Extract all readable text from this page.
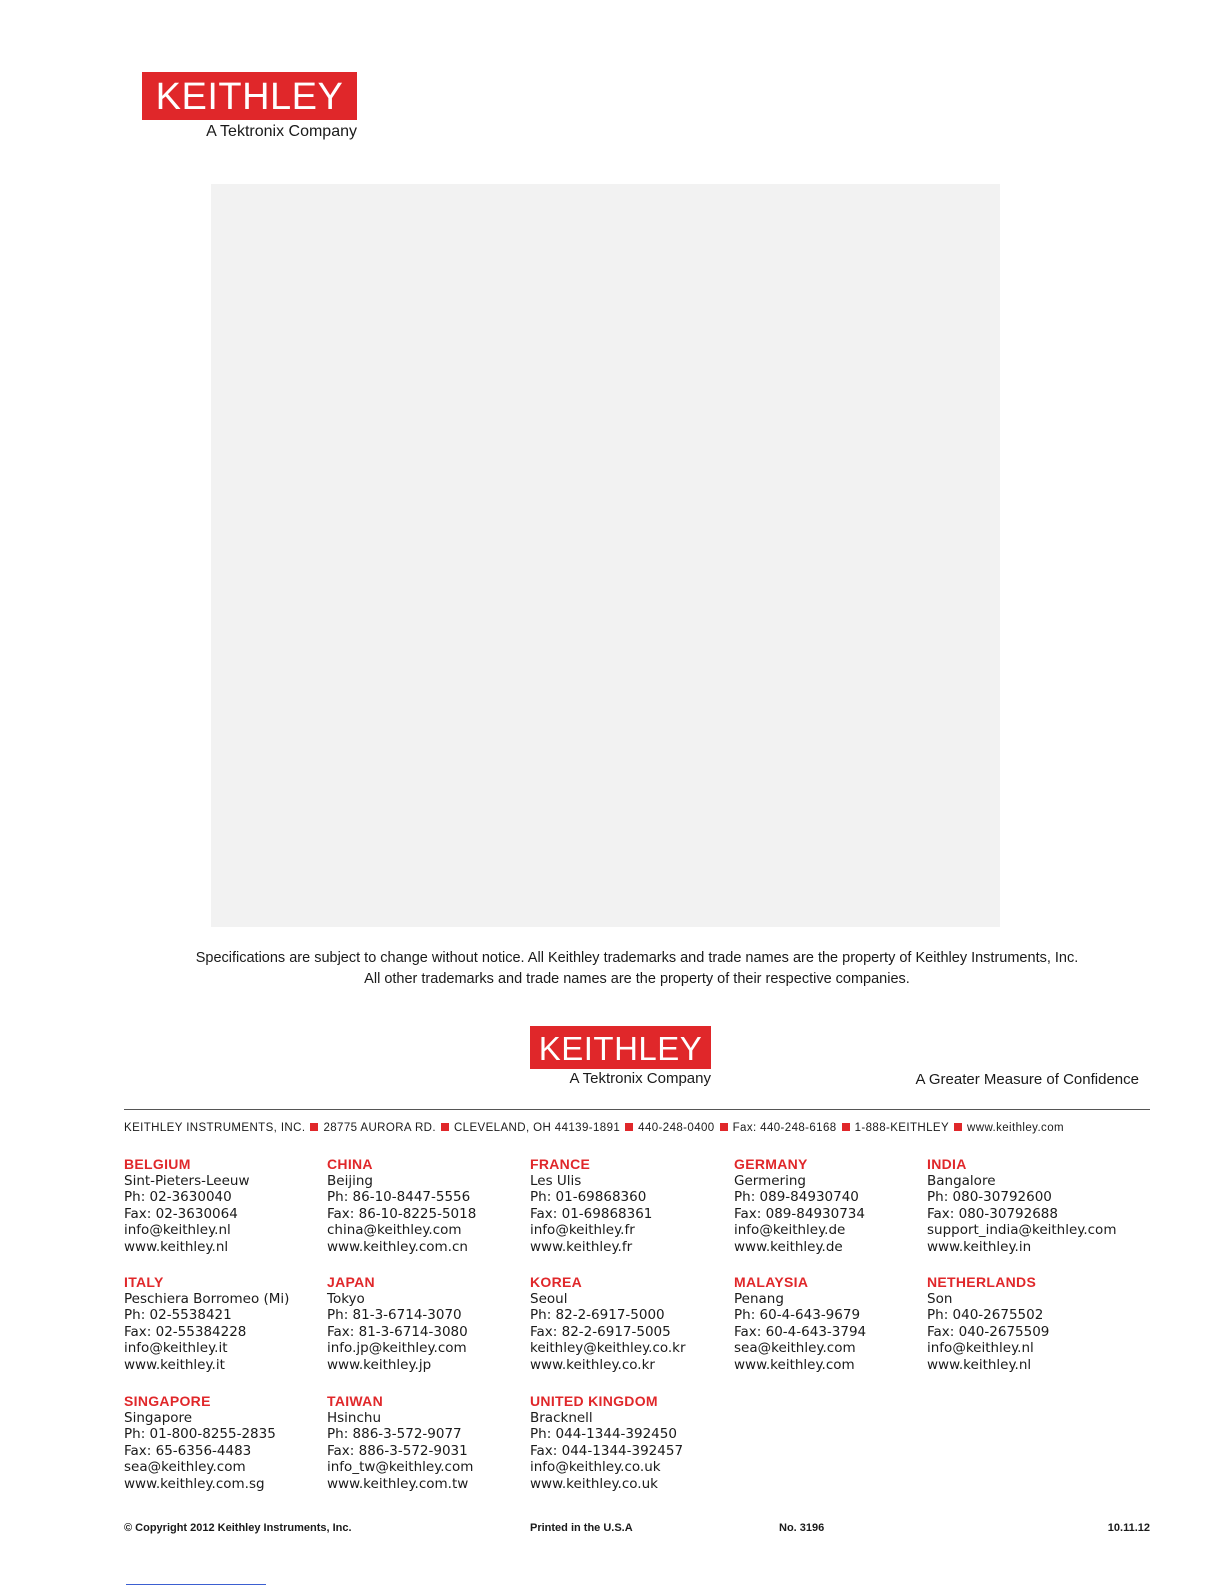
KEITHLEY
A Tektronix Company
Specifications are subject to change without notice. All Keithley trademarks and trade names are the property of Keithley Instruments, Inc.
All other trademarks and trade names are the property of their respective companies.
KEITHLEY
A Tektronix Company	A Greater Measure of Confidence
KEITHLEY INSTRUMENTS, INC. 28775 AURORA RD. CLEVELAND, OH 44139-1891 440-248-0400 Fax: 440-248-6168 1-888-KEITHLEY www.keithley.com
BELGIUM
Sint-Pieters-Leeuw
Ph: 02-3630040
Fax: 02-3630064
info@keithley.nl
www.keithley.nl
CHINA
Beijing
Ph: 86-10-8447-5556
Fax: 86-10-8225-5018
china@keithley.com
www.keithley.com.cn
FRANCE
Les Ulis
Ph: 01-69868360
Fax: 01-69868361
info@keithley.fr
www.keithley.fr
GERMANY
Germering
Ph: 089-84930740
Fax: 089-84930734
info@keithley.de
www.keithley.de
INDIA
Bangalore
Ph: 080-30792600
Fax: 080-30792688
support_india@keithley.com
www.keithley.in
ITALY
Peschiera Borromeo (Mi)
Ph: 02-5538421
Fax: 02-55384228
info@keithley.it
www.keithley.it
JAPAN
Tokyo
Ph: 81-3-6714-3070
Fax: 81-3-6714-3080
info.jp@keithley.com
www.keithley.jp
KOREA
Seoul
Ph: 82-2-6917-5000
Fax: 82-2-6917-5005
keithley@keithley.co.kr
www.keithley.co.kr
MALAYSIA
Penang
Ph: 60-4-643-9679
Fax: 60-4-643-3794
sea@keithley.com
www.keithley.com
NETHERLANDS
Son
Ph: 040-2675502
Fax: 040-2675509
info@keithley.nl
www.keithley.nl
SINGAPORE
Singapore
Ph: 01-800-8255-2835
Fax: 65-6356-4483
sea@keithley.com
www.keithley.com.sg
TAIWAN
Hsinchu
Ph: 886-3-572-9077
Fax: 886-3-572-9031
info_tw@keithley.com
www.keithley.com.tw
UNITED KINGDOM
Bracknell
Ph: 044-1344-392450
Fax: 044-1344-392457
info@keithley.co.uk
www.keithley.co.uk
© Copyright 2012 Keithley Instruments, Inc.	Printed in the U.S.A	No. 3196	10.11.12
